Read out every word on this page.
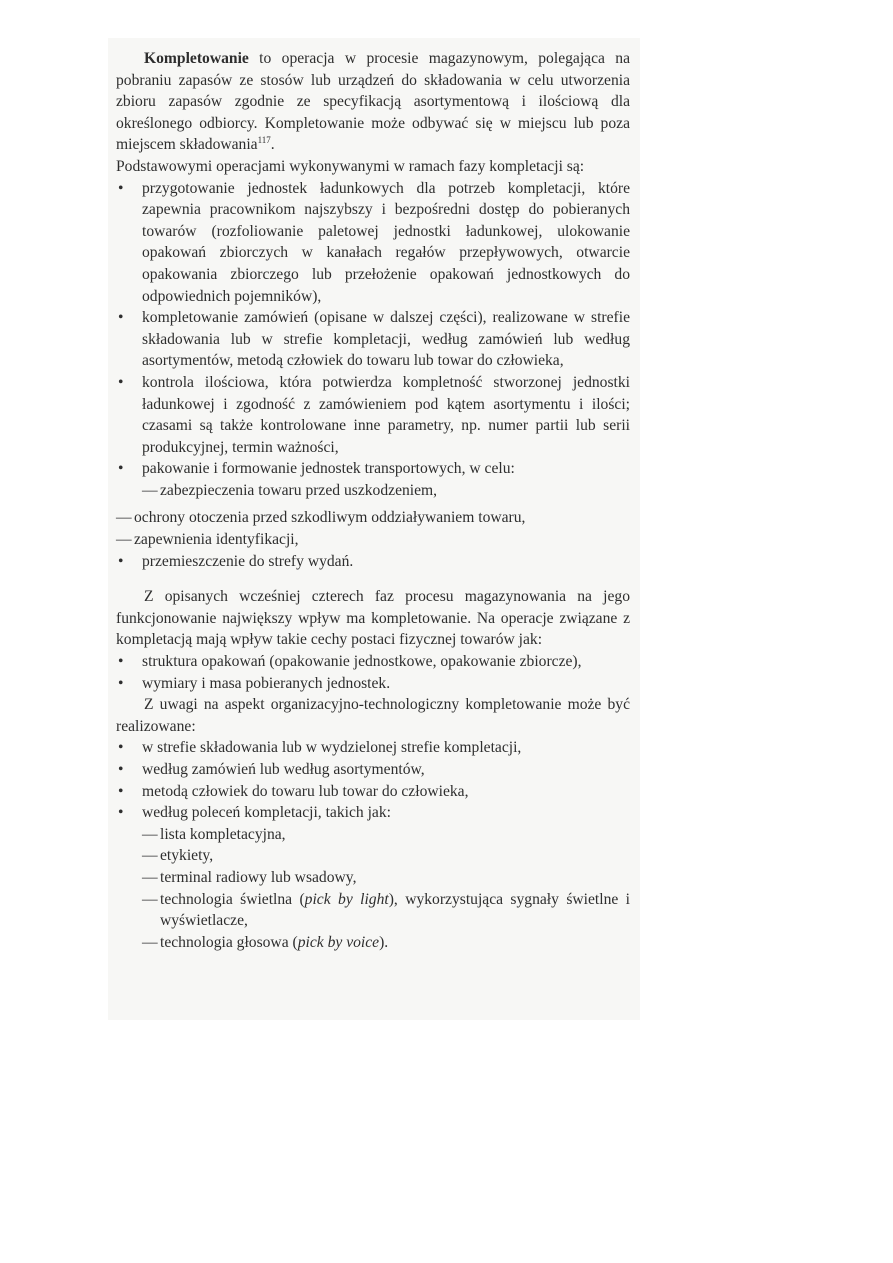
Kompletowanie to operacja w procesie magazynowym, polegająca na pobraniu zapasów ze stosów lub urządzeń do składowania w celu utworzenia zbioru zapasów zgodnie ze specyfikacją asortymentową i ilościową dla określonego odbiorcy. Kompletowanie może odbywać się w miejscu lub poza miejscem składowania$^{117}$.

Podstawowymi operacjami wykonywanymi w ramach fazy kompletacji są:

• przygotowanie jednostek ładunkowych dla potrzeb kompletacji, które zapewnia pracownikom najszybszy i bezpośredni dostęp do pobieranych towarów (rozfoliowanie paletowej jednostki ładunkowej, ulokowanie opakowań zbiorczych w kanałach regałów przepływowych, otwarcie opakowania zbiorczego lub przełożenie opakowań jednostkowych do odpowiednich pojemników),
• kompletowanie zamówień (opisane w dalszej części), realizowane w strefie składowania lub w strefie kompletacji, według zamówień lub według asortymentów, metodą człowiek do towaru lub towar do człowieka,
• kontrola ilościowa, która potwierdza kompletność stworzonej jednostki ładunkowej i zgodność z zamówieniem pod kątem asortymentu i ilości; czasami są także kontrolowane inne parametry, np. numer partii lub serii produkcyjnej, termin ważności,
• pakowanie i formowanie jednostek transportowych, w celu:
— zabezpieczenia towaru przed uszkodzeniem,
— ochrony otoczenia przed szkodliwym oddziaływaniem towaru,
— zapewnienia identyfikacji,
• przemieszczenie do strefy wydań.

Z opisanych wcześniej czterech faz procesu magazynowania na jego funkcjonowanie największy wpływ ma kompletowanie. Na operacje związane z kompletacją mają wpływ takie cechy postaci fizycznej towarów jak:

• struktura opakowań (opakowanie jednostkowe, opakowanie zbiorcze),
• wymiary i masa pobieranych jednostek.

Z uwagi na aspekt organizacyjno-technologiczny kompletowanie może być realizowane:

• w strefie składowania lub w wydzielonej strefie kompletacji,
• według zamówień lub według asortymentów,
• metodą człowiek do towaru lub towar do człowieka,
• według poleceń kompletacji, takich jak:
— lista kompletacyjna,
— etykiety,
— terminal radiowy lub wsadowy,
— technologia świetlna (pick by light), wykorzystująca sygnały świetlne i wyświetlacze,
— technologia głosowa (pick by voice).
